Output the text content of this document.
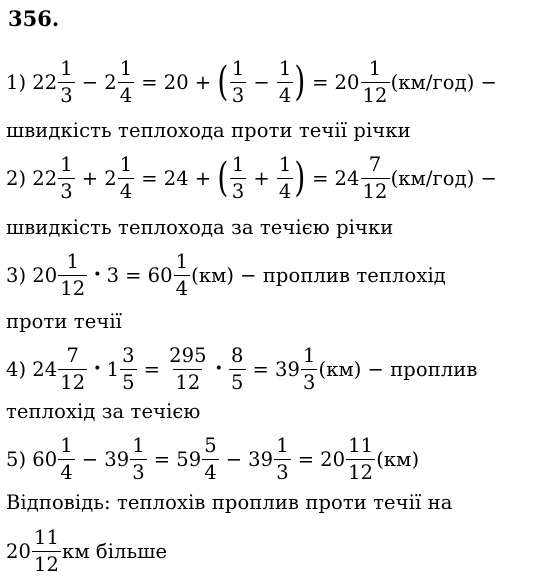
356.
1) $22 \frac{1}{3} - 2 \frac{1}{4} = 20$ + ( $\frac{1}{3} - \frac{1}{4}$ ) = $20 \frac{1}{12} (км/год)$ −
швидкість теплохода проти течії річки
2) $22 \frac{1}{3} + 2 \frac{1}{4} = 24$ + ( $\frac{1}{3} + \frac{1}{4}$ ) = $24 \frac{7}{12} (км/год)$ −
швидкість теплохода за течією річки
3) $20 \frac{1}{12}$ • $3 = 60 \frac{1}{4} (км)$ − проплив теплохід
проти течії
4) $24 \frac{7}{12}$ • $1 \frac{3}{5} = \frac{295}{12}$ • $\frac{8}{5} = 39 \frac{1}{3} (км)$ − проплив
теплохід за течією
5) $60 \frac{1}{4} - 39 \frac{1}{3} = 59 \frac{5}{4} - 39 \frac{1}{3} = 20 \frac{11}{12} (км)$
Відповідь: теплохів проплив проти течії на
$20 \frac{11}{12}$ км більше
